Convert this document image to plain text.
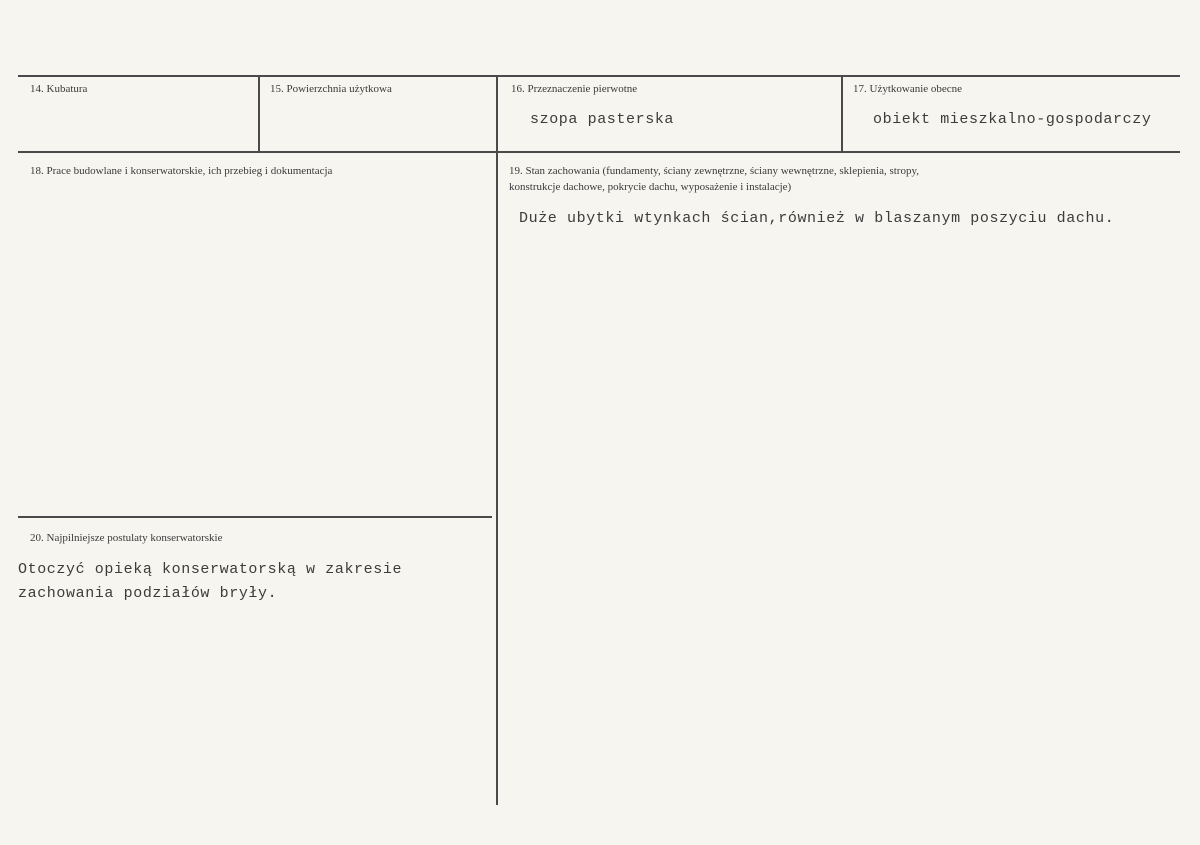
14. Kubatura	15. Powierzchnia użytkowa	16. Przeznaczenie pierwotne
szopa pasterska
17. Użytkowanie obecne
obiekt mieszkalno-gospodarczy
18. Prace budowlane i konserwatorskie, ich przebieg i dokumentacja	19. Stan zachowania (fundamenty, ściany zewnętrzne, ściany wewnętrzne, sklepienia, stropy,
konstrukcje dachowe, pokrycie dachu, wyposażenie i instalacje)
Duże ubytki wtynkach ścian,również w blaszanym poszyciu dachu.
20. Najpilniejsze postulaty konserwatorskie
Otoczyć opieką konserwatorską w zakresie
zachowania podziałów bryły.
